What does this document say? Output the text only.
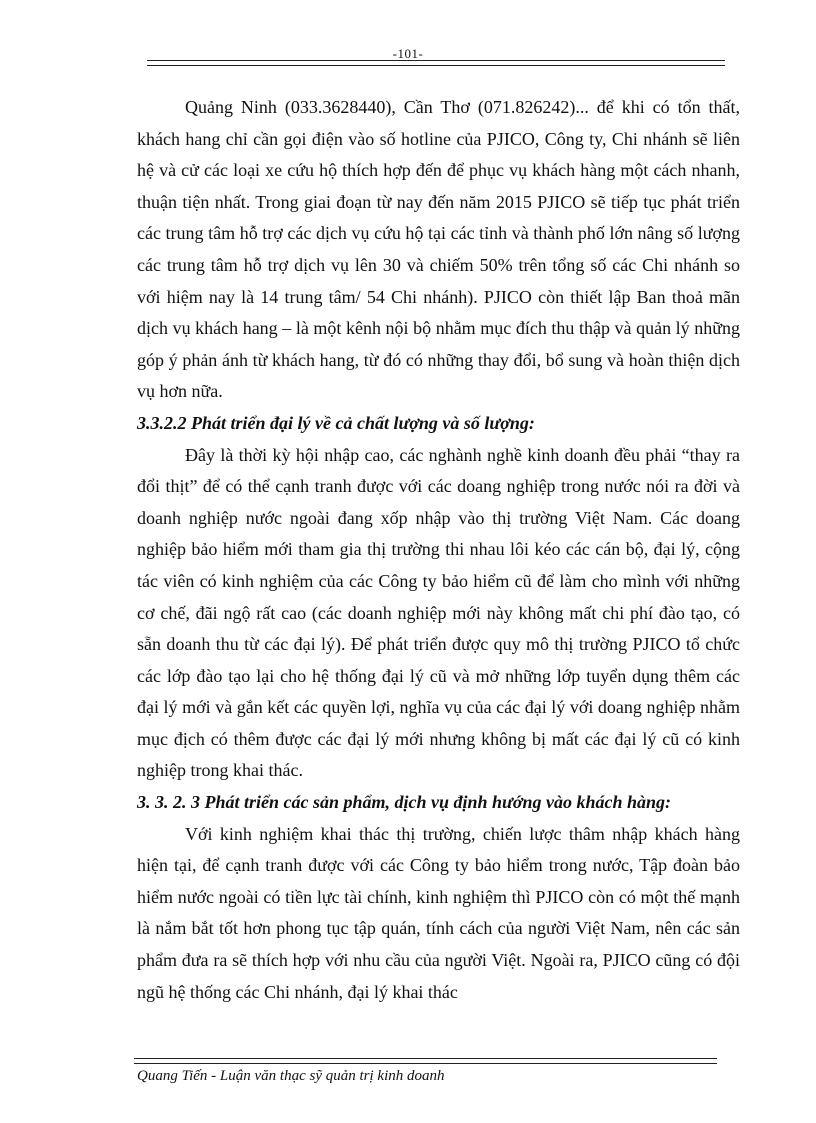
-101-

Quảng Ninh (033.3628440), Cần Thơ (071.826242)... để khi có tổn thất, khách hang chỉ cần gọi điện vào số hotline của PJICO, Công ty, Chi nhánh sẽ liên hệ và cử các loại xe cứu hộ thích hợp đến để phục vụ khách hàng một cách nhanh, thuận tiện nhất. Trong giai đoạn từ nay đến năm 2015 PJICO sẽ tiếp tục phát triển các trung tâm hỗ trợ các dịch vụ cứu hộ tại các tỉnh và thành phố lớn nâng số lượng các trung tâm hỗ trợ dịch vụ lên 30 và chiếm 50% trên tổng số các Chi nhánh so với hiệm nay là 14 trung tâm/ 54 Chi nhánh). PJICO còn thiết lập Ban thoả mãn dịch vụ khách hang – là một kênh nội bộ nhằm mục đích thu thập và quản lý những góp ý phản ánh từ khách hang, từ đó có những thay đổi, bổ sung và hoàn thiện dịch vụ hơn nữa.

3.3.2.2 Phát triển đại lý về cả chất lượng và số lượng:

Đây là thời kỳ hội nhập cao, các nghành nghề kinh doanh đều phải “thay ra đổi thịt” để có thể cạnh tranh được với các doang nghiệp trong nước nói ra đời và doanh nghiệp nước ngoài đang xốp nhập vào thị trường Việt Nam. Các doang nghiệp bảo hiểm mới tham gia thị trường thi nhau lôi kéo các cán bộ, đại lý, cộng tác viên có kinh nghiệm của các Công ty bảo hiểm cũ để làm cho mình với những cơ chế, đãi ngộ rất cao (các doanh nghiệp mới này không mất chi phí đào tạo, có sẵn doanh thu từ các đại lý). Để phát triển được quy mô thị trường PJICO tổ chức các lớp đào tạo lại cho hệ thống đại lý cũ và mở những lớp tuyển dụng thêm các đại lý mới và gắn kết các quyền lợi, nghĩa vụ của các đại lý với doang nghiệp nhằm mục địch có thêm được các đại lý mới nhưng không bị mất các đại lý cũ có kinh nghiệp trong khai thác.

3. 3. 2. 3 Phát triển các sản phẩm, dịch vụ định hướng vào khách hàng:

Với kinh nghiệm khai thác thị trường, chiến lược thâm nhập khách hàng hiện tại, để cạnh tranh được với các Công ty bảo hiểm trong nước, Tập đoàn bảo hiểm nước ngoài có tiền lực tài chính, kinh nghiệm thì PJICO còn có một thế mạnh là nắm bắt tốt hơn phong tục tập quán, tính cách của người Việt Nam, nên các sản phẩm đưa ra sẽ thích hợp với nhu cầu của người Việt. Ngoài ra, PJICO cũng có đội ngũ hệ thống các Chi nhánh, đại lý khai thác

Quang Tiến - Luận văn thạc sỹ quản trị kinh doanh
